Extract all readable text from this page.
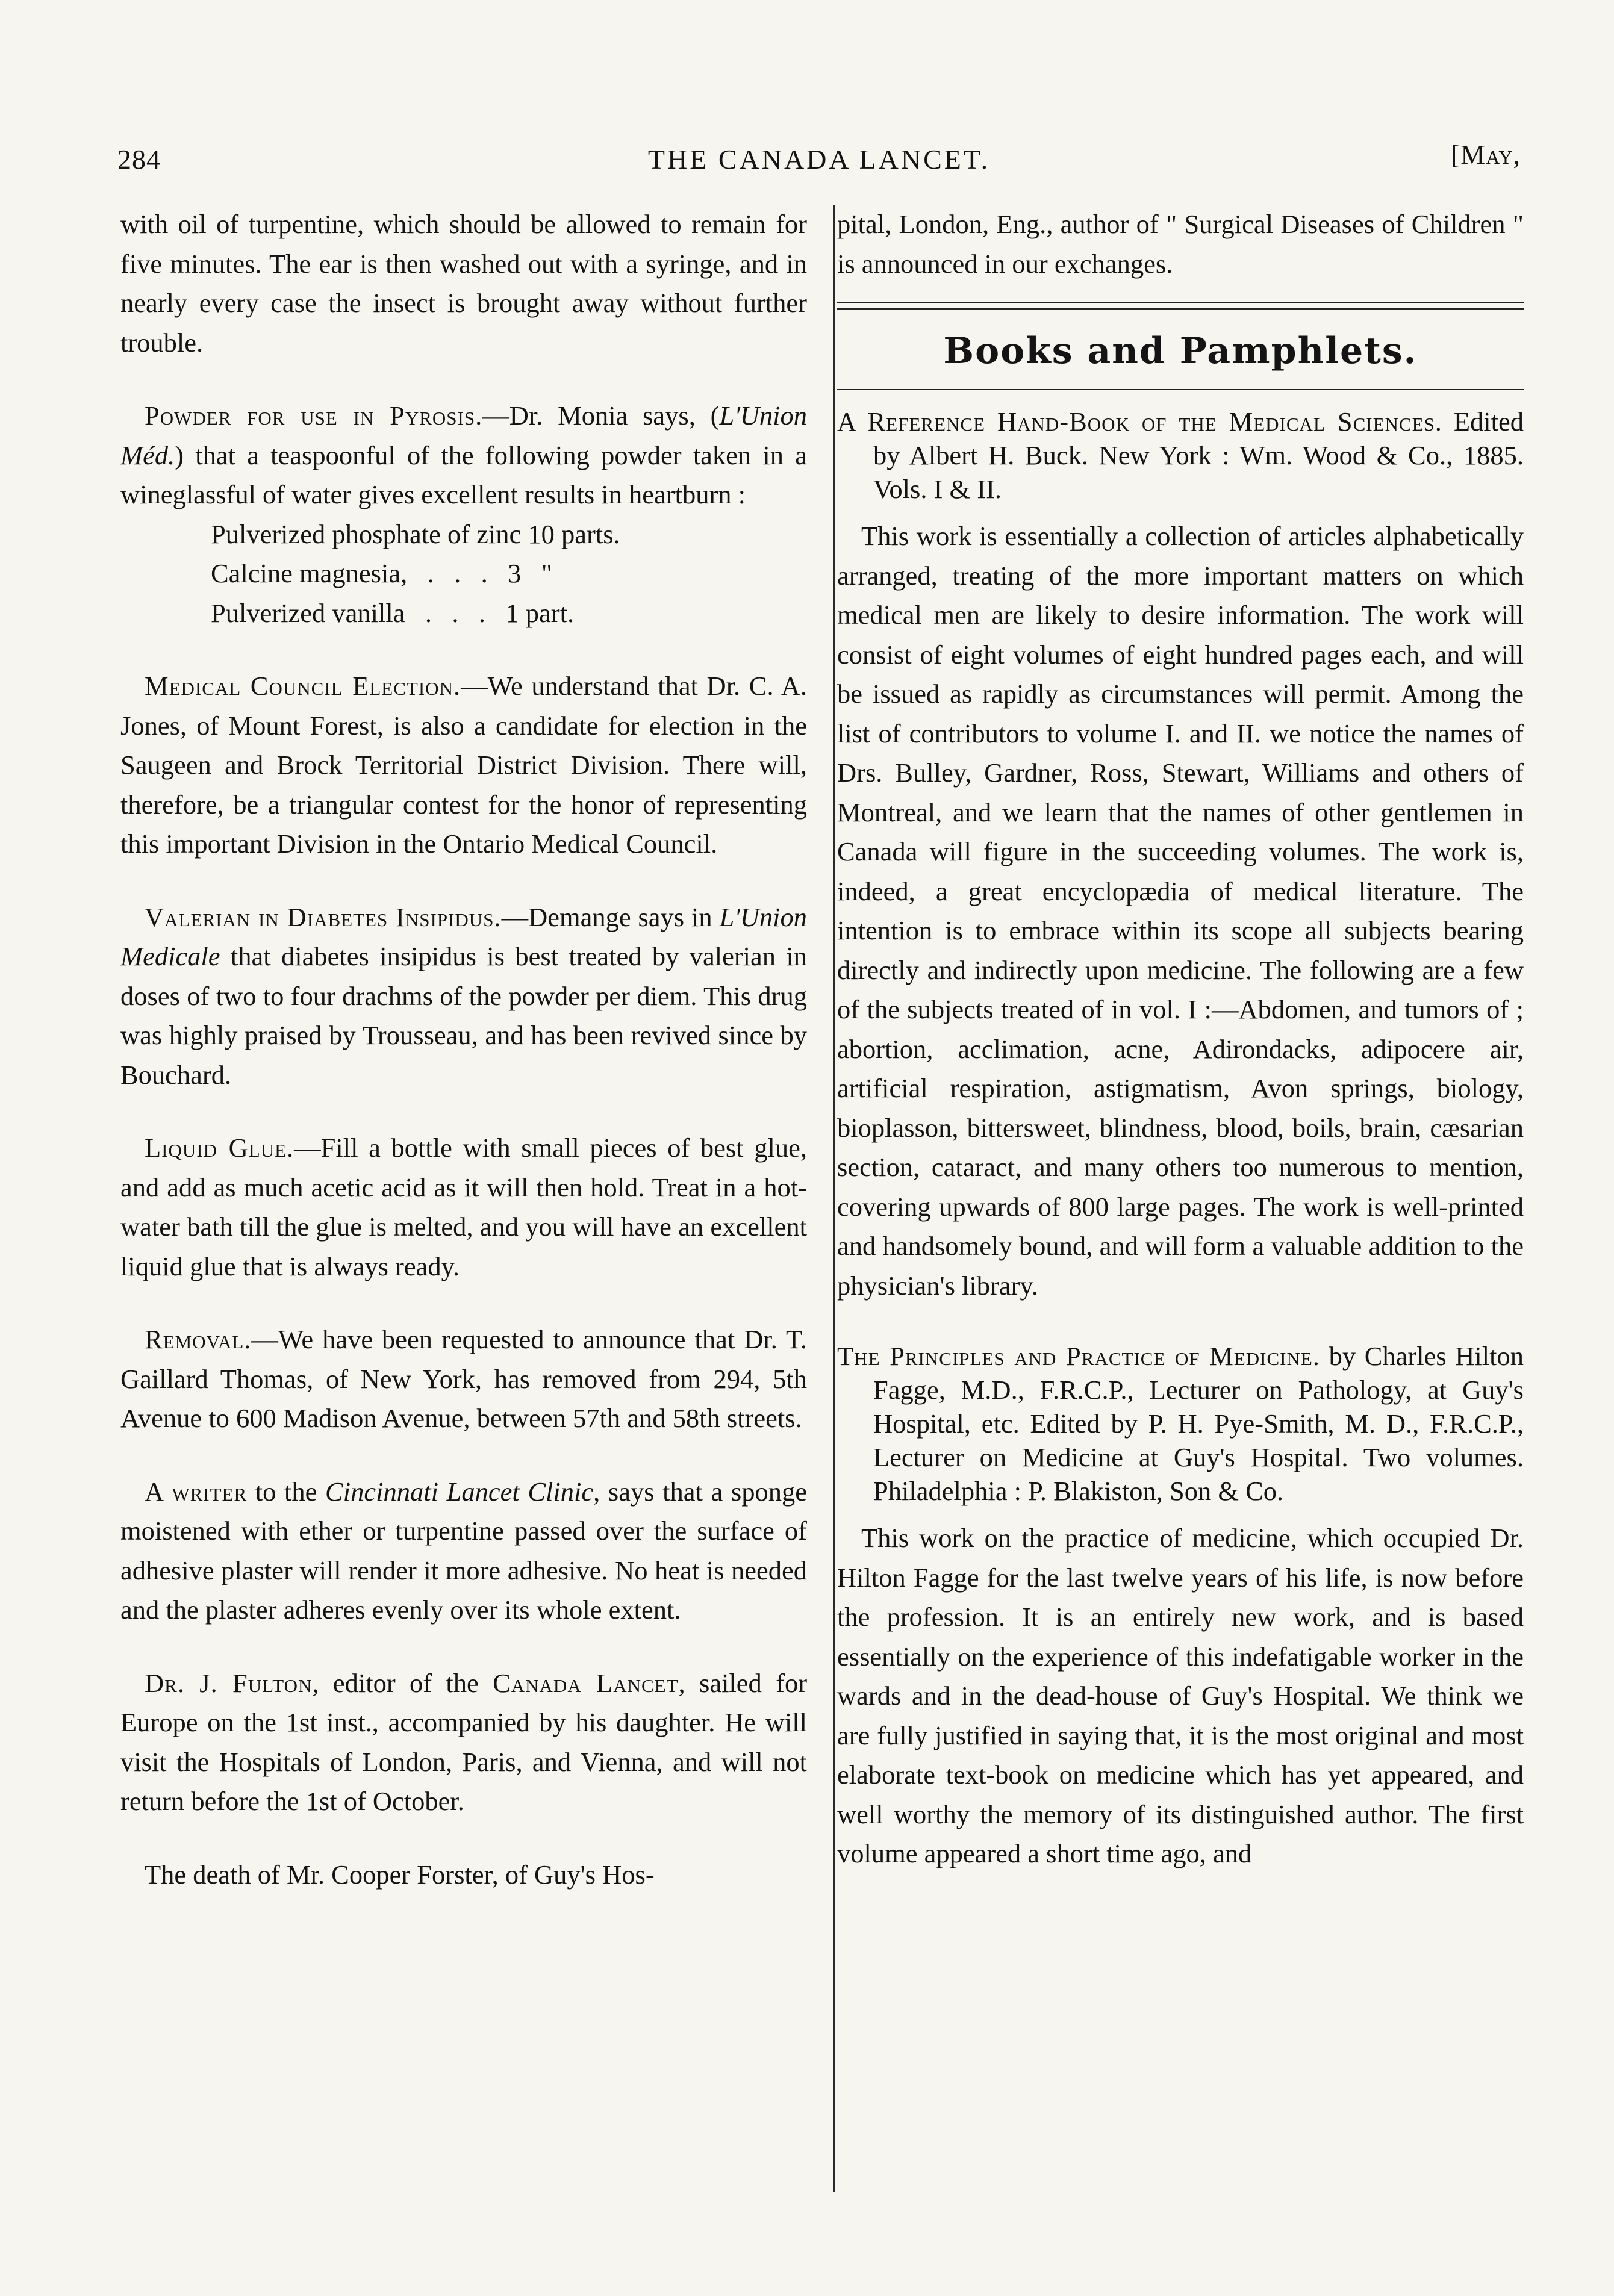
284	THE CANADA LANCET.	[May,

with oil of turpentine, which should be allowed to remain for five minutes. The ear is then washed out with a syringe, and in nearly every case the insect is brought away without further trouble.

Powder for use in Pyrosis.—Dr. Monia says, (L'Union Méd.) that a teaspoonful of the following powder taken in a wineglassful of water gives excellent results in heartburn :

Pulverized phosphate of zinc 10 parts.
Calcine magnesia,   .   .   .   3   "
Pulverized vanilla   .   .   .   1 part.

Medical Council Election.—We understand that Dr. C. A. Jones, of Mount Forest, is also a candidate for election in the Saugeen and Brock Territorial District Division. There will, therefore, be a triangular contest for the honor of representing this important Division in the Ontario Medical Council.

Valerian in Diabetes Insipidus.—Demange says in L'Union Medicale that diabetes insipidus is best treated by valerian in doses of two to four drachms of the powder per diem. This drug was highly praised by Trousseau, and has been revived since by Bouchard.

Liquid Glue.—Fill a bottle with small pieces of best glue, and add as much acetic acid as it will then hold. Treat in a hot-water bath till the glue is melted, and you will have an excellent liquid glue that is always ready.

Removal.—We have been requested to announce that Dr. T. Gaillard Thomas, of New York, has removed from 294, 5th Avenue to 600 Madison Avenue, between 57th and 58th streets.

A writer to the Cincinnati Lancet Clinic, says that a sponge moistened with ether or turpentine passed over the surface of adhesive plaster will render it more adhesive. No heat is needed and the plaster adheres evenly over its whole extent.

Dr. J. Fulton, editor of the Canada Lancet, sailed for Europe on the 1st inst., accompanied by his daughter. He will visit the Hospitals of London, Paris, and Vienna, and will not return before the 1st of October.

The death of Mr. Cooper Forster, of Guy's Hos-

pital, London, Eng., author of " Surgical Diseases of Children " is announced in our exchanges.

Books and Pamphlets.

A Reference Hand-Book of the Medical Sciences. Edited by Albert H. Buck. New York : Wm. Wood & Co., 1885. Vols. I & II.

This work is essentially a collection of articles alphabetically arranged, treating of the more important matters on which medical men are likely to desire information. The work will consist of eight volumes of eight hundred pages each, and will be issued as rapidly as circumstances will permit. Among the list of contributors to volume I. and II. we notice the names of Drs. Bulley, Gardner, Ross, Stewart, Williams and others of Montreal, and we learn that the names of other gentlemen in Canada will figure in the succeeding volumes. The work is, indeed, a great encyclopædia of medical literature. The intention is to embrace within its scope all subjects bearing directly and indirectly upon medicine. The following are a few of the subjects treated of in vol. I :—Abdomen, and tumors of ; abortion, acclimation, acne, Adirondacks, adipocere air, artificial respiration, astigmatism, Avon springs, biology, bioplasson, bittersweet, blindness, blood, boils, brain, cæsarian section, cataract, and many others too numerous to mention, covering upwards of 800 large pages. The work is well-printed and handsomely bound, and will form a valuable addition to the physician's library.

The Principles and Practice of Medicine. by Charles Hilton Fagge, M.D., F.R.C.P., Lecturer on Pathology, at Guy's Hospital, etc. Edited by P. H. Pye-Smith, M. D., F.R.C.P., Lecturer on Medicine at Guy's Hospital. Two volumes. Philadelphia : P. Blakiston, Son & Co.

This work on the practice of medicine, which occupied Dr. Hilton Fagge for the last twelve years of his life, is now before the profession. It is an entirely new work, and is based essentially on the experience of this indefatigable worker in the wards and in the dead-house of Guy's Hospital. We think we are fully justified in saying that, it is the most original and most elaborate text-book on medicine which has yet appeared, and well worthy the memory of its distinguished author. The first volume appeared a short time ago, and
